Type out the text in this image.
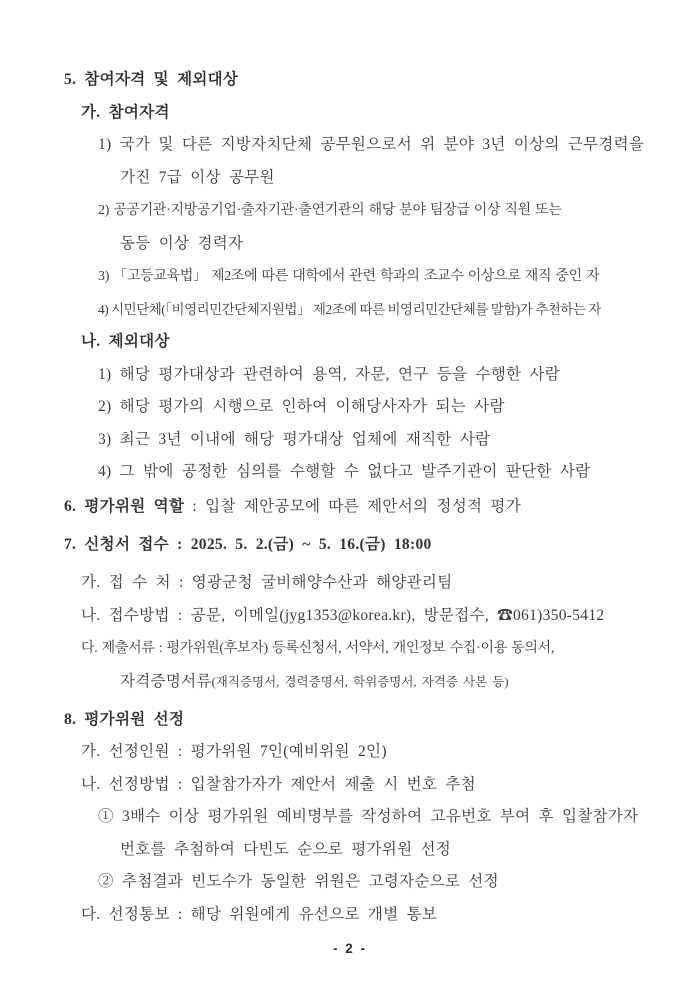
5. 참여자격 및 제외대상
가. 참여자격
1) 국가 및 다른 지방자치단체 공무원으로서 위 분야 3년 이상의 근무경력을
가진 7급 이상 공무원
2) 공공기관·지방공기업·출자기관·출연기관의 해당 분야 팀장급 이상 직원 또는
동등 이상 경력자
3) 「고등교육법」 제2조에 따른 대학에서 관련 학과의 조교수 이상으로 재직 중인 자
4) 시민단체(「비영리민간단체지원법」 제2조에 따른 비영리민간단체를 말함)가 추천하는 자
나. 제외대상
1) 해당 평가대상과 관련하여 용역, 자문, 연구 등을 수행한 사람
2) 해당 평가의 시행으로 인하여 이해당사자가 되는 사람
3) 최근 3년 이내에 해당 평가대상 업체에 재직한 사람
4) 그 밖에 공정한 심의를 수행할 수 없다고 발주기관이 판단한 사람
6. 평가위원 역할 : 입찰 제안공모에 따른 제안서의 정성적 평가
7. 신청서 접수 : 2025. 5. 2.(금) ~ 5. 16.(금) 18:00
가. 접 수 처 : 영광군청 굴비해양수산과 해양관리팀
나. 접수방법 : 공문, 이메일(jyg1353@korea.kr), 방문접수, ☎061)350-5412
다. 제출서류 : 평가위원(후보자) 등록신청서, 서약서, 개인정보 수집·이용 동의서,
자격증명서류(재직증명서, 경력증명서, 학위증명서, 자격증 사본 등)
8. 평가위원 선정
가. 선정인원 : 평가위원 7인(예비위원 2인)
나. 선정방법 : 입찰참가자가 제안서 제출 시 번호 추첨
① 3배수 이상 평가위원 예비명부를 작성하여 고유번호 부여 후 입찰참가자
번호를 추첨하여 다빈도 순으로 평가위원 선정
② 추첨결과 빈도수가 동일한 위원은 고령자순으로 선정
다. 선정통보 : 해당 위원에게 유선으로 개별 통보
- 2 -
